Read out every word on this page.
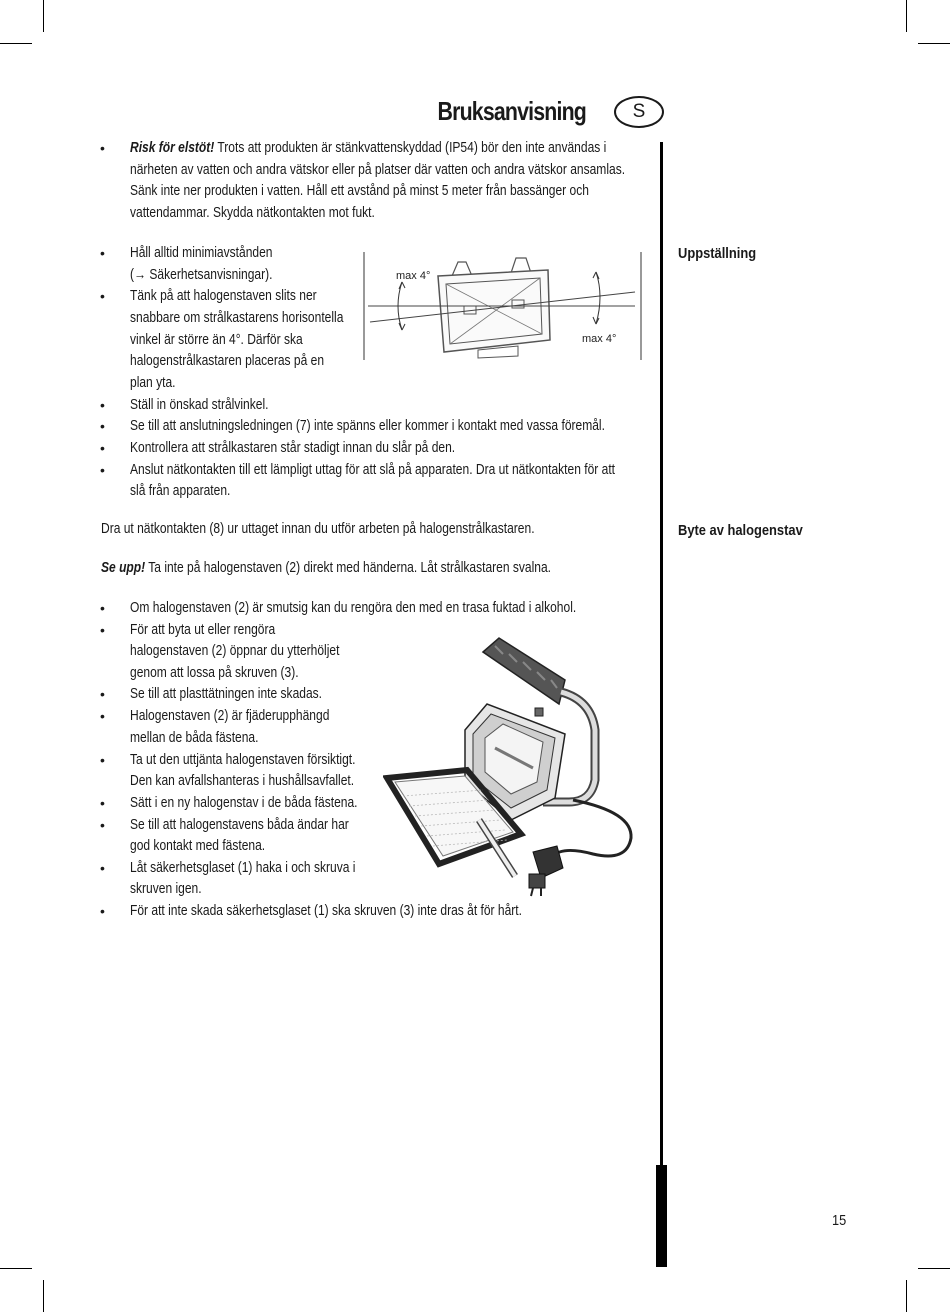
Bruksanvisning	S
Uppställning
Byte av halogenstav
• Risk för elstöt! Trots att produkten är stänkvattenskyddad (IP54) bör den inte användas i
närheten av vatten och andra vätskor eller på platser där vatten och andra vätskor ansamlas.
Sänk inte ner produkten i vatten. Håll ett avstånd på minst 5 meter från bassänger och
vattendammar. Skydda nätkontakten mot fukt.
• Håll alltid minimiavstånden
(→ Säkerhetsanvisningar).
• Tänk på att halogenstaven slits ner
snabbare om strålkastarens horisontella
vinkel är större än 4°. Därför ska
halogenstrålkastaren placeras på en
plan yta.
• Ställ in önskad strålvinkel.
• Se till att anslutningsledningen (7) inte spänns eller kommer i kontakt med vassa föremål.
• Kontrollera att strålkastaren står stadigt innan du slår på den.
• Anslut nätkontakten till ett lämpligt uttag för att slå på apparaten. Dra ut nätkontakten för att
slå från apparaten.
max 4°
max 4°
Dra ut nätkontakten (8) ur uttaget innan du utför arbeten på halogenstrålkastaren.
Se upp! Ta inte på halogenstaven (2) direkt med händerna. Låt strålkastaren svalna.
• Om halogenstaven (2) är smutsig kan du rengöra den med en trasa fuktad i alkohol.
• För att byta ut eller rengöra
halogenstaven (2) öppnar du ytterhöljet
genom att lossa på skruven (3).
• Se till att plasttätningen inte skadas.
• Halogenstaven (2) är fjäderupphängd
mellan de båda fästena.
• Ta ut den uttjänta halogenstaven försiktigt.
Den kan avfallshanteras i hushållsavfallet.
• Sätt i en ny halogenstav i de båda fästena.
• Se till att halogenstavens båda ändar har
god kontakt med fästena.
• Låt säkerhetsglaset (1) haka i och skruva i
skruven igen.
• För att inte skada säkerhetsglaset (1) ska skruven (3) inte dras åt för hårt.
15
